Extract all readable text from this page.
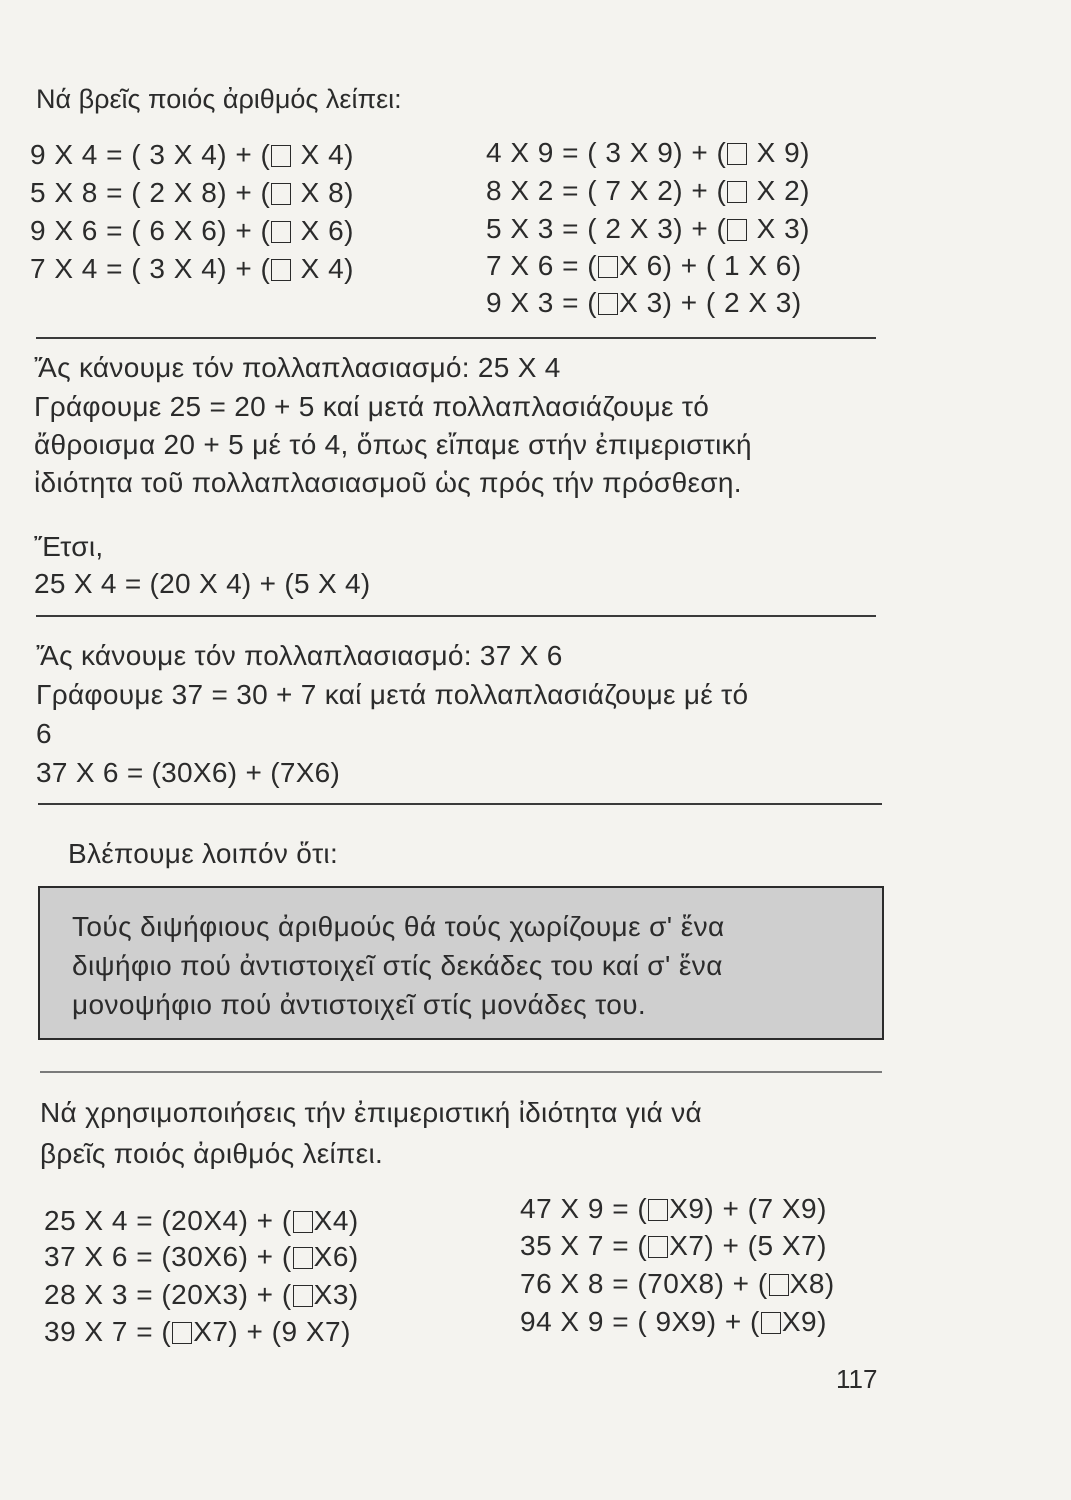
Νά βρεῖς ποιός ἀριθμός λείπει:
9 X 4 = ( 3 X 4) + ( X 4)
5 X 8 = ( 2 X 8) + ( X 8)
9 X 6 = ( 6 X 6) + ( X 6)
7 X 4 = ( 3 X 4) + ( X 4)
4 X 9 = ( 3 X 9) + ( X 9)
8 X 2 = ( 7 X 2) + ( X 2)
5 X 3 = ( 2 X 3) + ( X 3)
7 X 6 = ( X 6) + ( 1 X 6)
9 X 3 = ( X 3) + ( 2 X 3)
Ἄς κάνουμε τόν πολλαπλασιασμό: 25 X 4
Γράφουμε 25 = 20 + 5 καί μετά πολλαπλασιάζουμε τό
ἄθροισμα 20 + 5 μέ τό 4, ὅπως εἴπαμε στήν ἐπιμεριστική
ἰδιότητα τοῦ πολλαπλασιασμοῦ ὡς πρός τήν πρόσθεση.
Ἔτσι,
25 X 4 = (20 X 4) + (5 X 4)
Ἄς κάνουμε τόν πολλαπλασιασμό: 37 X 6
Γράφουμε 37 = 30 + 7 καί μετά πολλαπλασιάζουμε μέ τό
6
37 X 6 = (30X6) + (7X6)
Βλέπουμε λοιπόν ὅτι:
Τούς διψήφιους ἀριθμούς θά τούς χωρίζουμε σ' ἕνα
διψήφιο πού ἀντιστοιχεῖ στίς δεκάδες του καί σ' ἕνα
μονοψήφιο πού ἀντιστοιχεῖ στίς μονάδες του.
Νά χρησιμοποιήσεις τήν ἐπιμεριστική ἰδιότητα γιά νά
βρεῖς ποιός ἀριθμός λείπει.
25 X 4 = (20X4) + ( X4)
37 X 6 = (30X6) + ( X6)
28 X 3 = (20X3) + ( X3)
39 X 7 = ( X7) + (9 X7)
47 X 9 = ( X9) + (7 X9)
35 X 7 = ( X7) + (5 X7)
76 X 8 = (70X8) + ( X8)
94 X 9 = ( 9X9) + ( X9)
117
